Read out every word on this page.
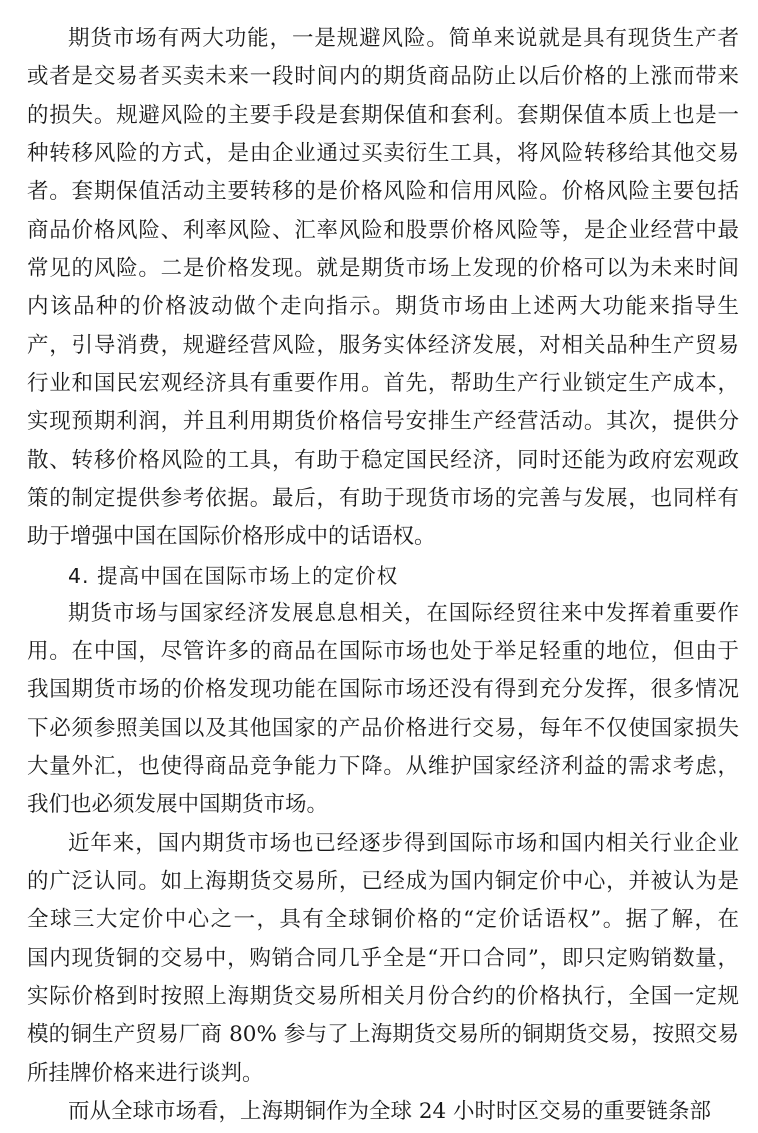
期货市场有两大功能，一是规避风险。简单来说就是具有现货生产者
或者是交易者买卖未来一段时间内的期货商品防止以后价格的上涨而带来
的损失。规避风险的主要手段是套期保值和套利。套期保值本质上也是一
种转移风险的方式，是由企业通过买卖衍生工具，将风险转移给其他交易
者。套期保值活动主要转移的是价格风险和信用风险。价格风险主要包括
商品价格风险、利率风险、汇率风险和股票价格风险等，是企业经营中最
常见的风险。二是价格发现。就是期货市场上发现的价格可以为未来时间
内该品种的价格波动做个走向指示。期货市场由上述两大功能来指导生
产，引导消费，规避经营风险，服务实体经济发展，对相关品种生产贸易
行业和国民宏观经济具有重要作用。首先，帮助生产行业锁定生产成本，
实现预期利润，并且利用期货价格信号安排生产经营活动。其次，提供分
散、转移价格风险的工具，有助于稳定国民经济，同时还能为政府宏观政
策的制定提供参考依据。最后，有助于现货市场的完善与发展，也同样有
助于增强中国在国际价格形成中的话语权。
4. 提高中国在国际市场上的定价权
期货市场与国家经济发展息息相关，在国际经贸往来中发挥着重要作
用。在中国，尽管许多的商品在国际市场也处于举足轻重的地位，但由于
我国期货市场的价格发现功能在国际市场还没有得到充分发挥，很多情况
下必须参照美国以及其他国家的产品价格进行交易，每年不仅使国家损失
大量外汇，也使得商品竞争能力下降。从维护国家经济利益的需求考虑，
我们也必须发展中国期货市场。
近年来，国内期货市场也已经逐步得到国际市场和国内相关行业企业
的广泛认同。如上海期货交易所，已经成为国内铜定价中心，并被认为是
全球三大定价中心之一，具有全球铜价格的“定价话语权”。据了解，在
国内现货铜的交易中，购销合同几乎全是“开口合同”，即只定购销数量，
实际价格到时按照上海期货交易所相关月份合约的价格执行，全国一定规
模的铜生产贸易厂商 80% 参与了上海期货交易所的铜期货交易，按照交易
所挂牌价格来进行谈判。
而从全球市场看，上海期铜作为全球 24 小时时区交易的重要链条部
